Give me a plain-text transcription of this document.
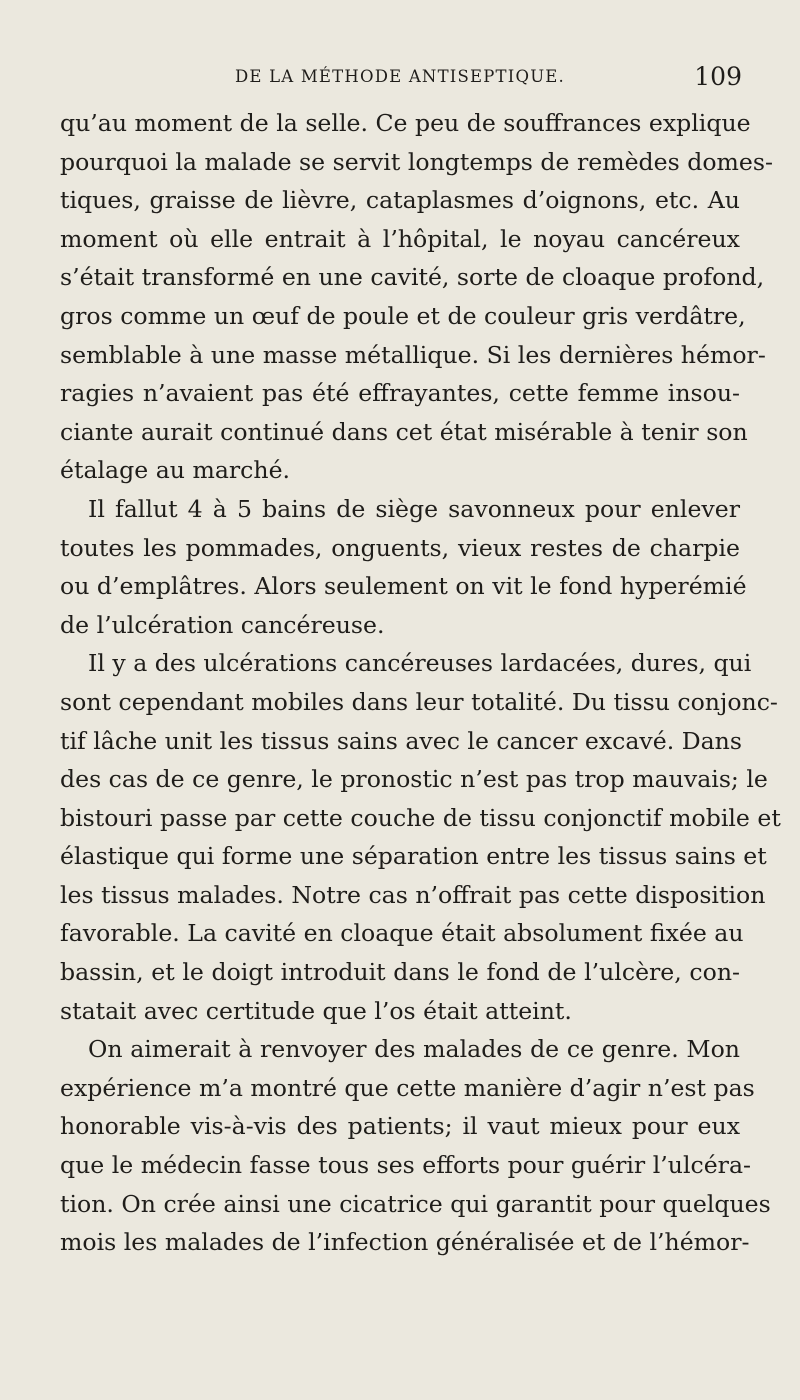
DE LA MÉTHODE ANTISEPTIQUE.	109
qu’au moment de la selle. Ce peu de souffrances explique
pourquoi la malade se servit longtemps de remèdes domes-
tiques, graisse de lièvre, cataplasmes d’oignons, etc. Au
moment où elle entrait à l’hôpital, le noyau cancéreux
s’était transformé en une cavité, sorte de cloaque profond,
gros comme un œuf de poule et de couleur gris verdâtre,
semblable à une masse métallique. Si les dernières hémor-
ragies n’avaient pas été effrayantes, cette femme insou-
ciante aurait continué dans cet état misérable à tenir son
étalage au marché.
Il fallut 4 à 5 bains de siège savonneux pour enlever
toutes les pommades, onguents, vieux restes de charpie
ou d’emplâtres. Alors seulement on vit le fond hyperémié
de l’ulcération cancéreuse.
Il y a des ulcérations cancéreuses lardacées, dures, qui
sont cependant mobiles dans leur totalité. Du tissu conjonc-
tif lâche unit les tissus sains avec le cancer excavé. Dans
des cas de ce genre, le pronostic n’est pas trop mauvais; le
bistouri passe par cette couche de tissu conjonctif mobile et
élastique qui forme une séparation entre les tissus sains et
les tissus malades. Notre cas n’offrait pas cette disposition
favorable. La cavité en cloaque était absolument fixée au
bassin, et le doigt introduit dans le fond de l’ulcère, con-
statait avec certitude que l’os était atteint.
On aimerait à renvoyer des malades de ce genre. Mon
expérience m’a montré que cette manière d’agir n’est pas
honorable vis-à-vis des patients; il vaut mieux pour eux
que le médecin fasse tous ses efforts pour guérir l’ulcéra-
tion. On crée ainsi une cicatrice qui garantit pour quelques
mois les malades de l’infection généralisée et de l’hémor-
